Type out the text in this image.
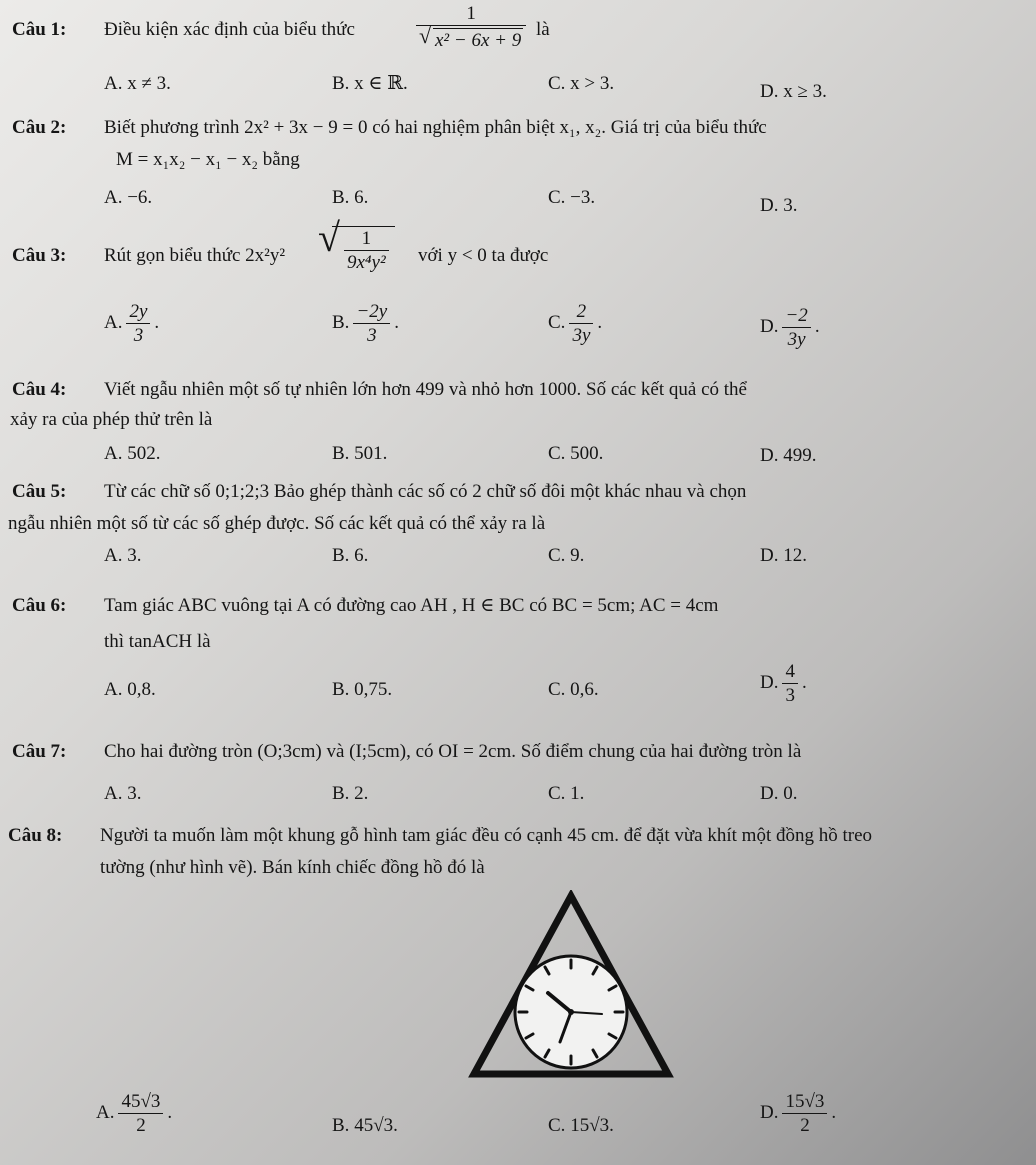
Câu 1: Điều kiện xác định của biểu thức	$\frac{1}{\text{√ x² − 6x + 9}}$ là
A. x ≠ 3.	B. x ∈ ℝ.	C. x > 3.	D. x ≥ 3.
Câu 2: Biết phương trình 2x² + 3x − 9 = 0 có hai nghiệm phân biệt x₁, x₂. Giá trị của biểu thức
M = x₁x₂ − x₁ − x₂ bằng
A. −6.	B. 6.	C. −3.	D. 3.
Câu 3: Rút gọn biểu thức 2x²y² √ $\frac{1}{\text{9x⁴y²}}$ với y < 0 ta được
A. $\frac{2y}{3}$ .	B. $\frac{-2y}{3}$ .	C. $\frac{2}{3y}$ .	D. $\frac{-2}{3y}$ .
Câu 4: Viết ngẫu nhiên một số tự nhiên lớn hơn 499 và nhỏ hơn 1000. Số các kết quả có thể
xảy ra của phép thử trên là
A. 502.	B. 501.	C. 500.	D. 499.
Câu 5: Từ các chữ số 0;1;2;3 Bảo ghép thành các số có 2 chữ số đôi một khác nhau và chọn
ngẫu nhiên một số từ các số ghép được. Số các kết quả có thể xảy ra là
A. 3.	B. 6.	C. 9.	D. 12.
Câu 6: Tam giác ABC vuông tại A có đường cao AH , H ∈ BC có BC = 5cm; AC = 4cm
thì tanACH là
A. 0,8.	B. 0,75.	C. 0,6.	D. $\frac{4}{3}$ .
Câu 7: Cho hai đường tròn (O;3cm) và (I;5cm), có OI = 2cm. Số điểm chung của hai đường tròn là
A. 3.	B. 2.	C. 1.	D. 0.
Câu 8: Người ta muốn làm một khung gỗ hình tam giác đều có cạnh 45 cm. để đặt vừa khít một đồng hồ treo
tường (như hình vẽ). Bán kính chiếc đồng hồ đó là
A. $\frac{45√3}{2}$ .
B. 45√3.	C. 15√3.
D. $\frac{15√3}{2}$ .
